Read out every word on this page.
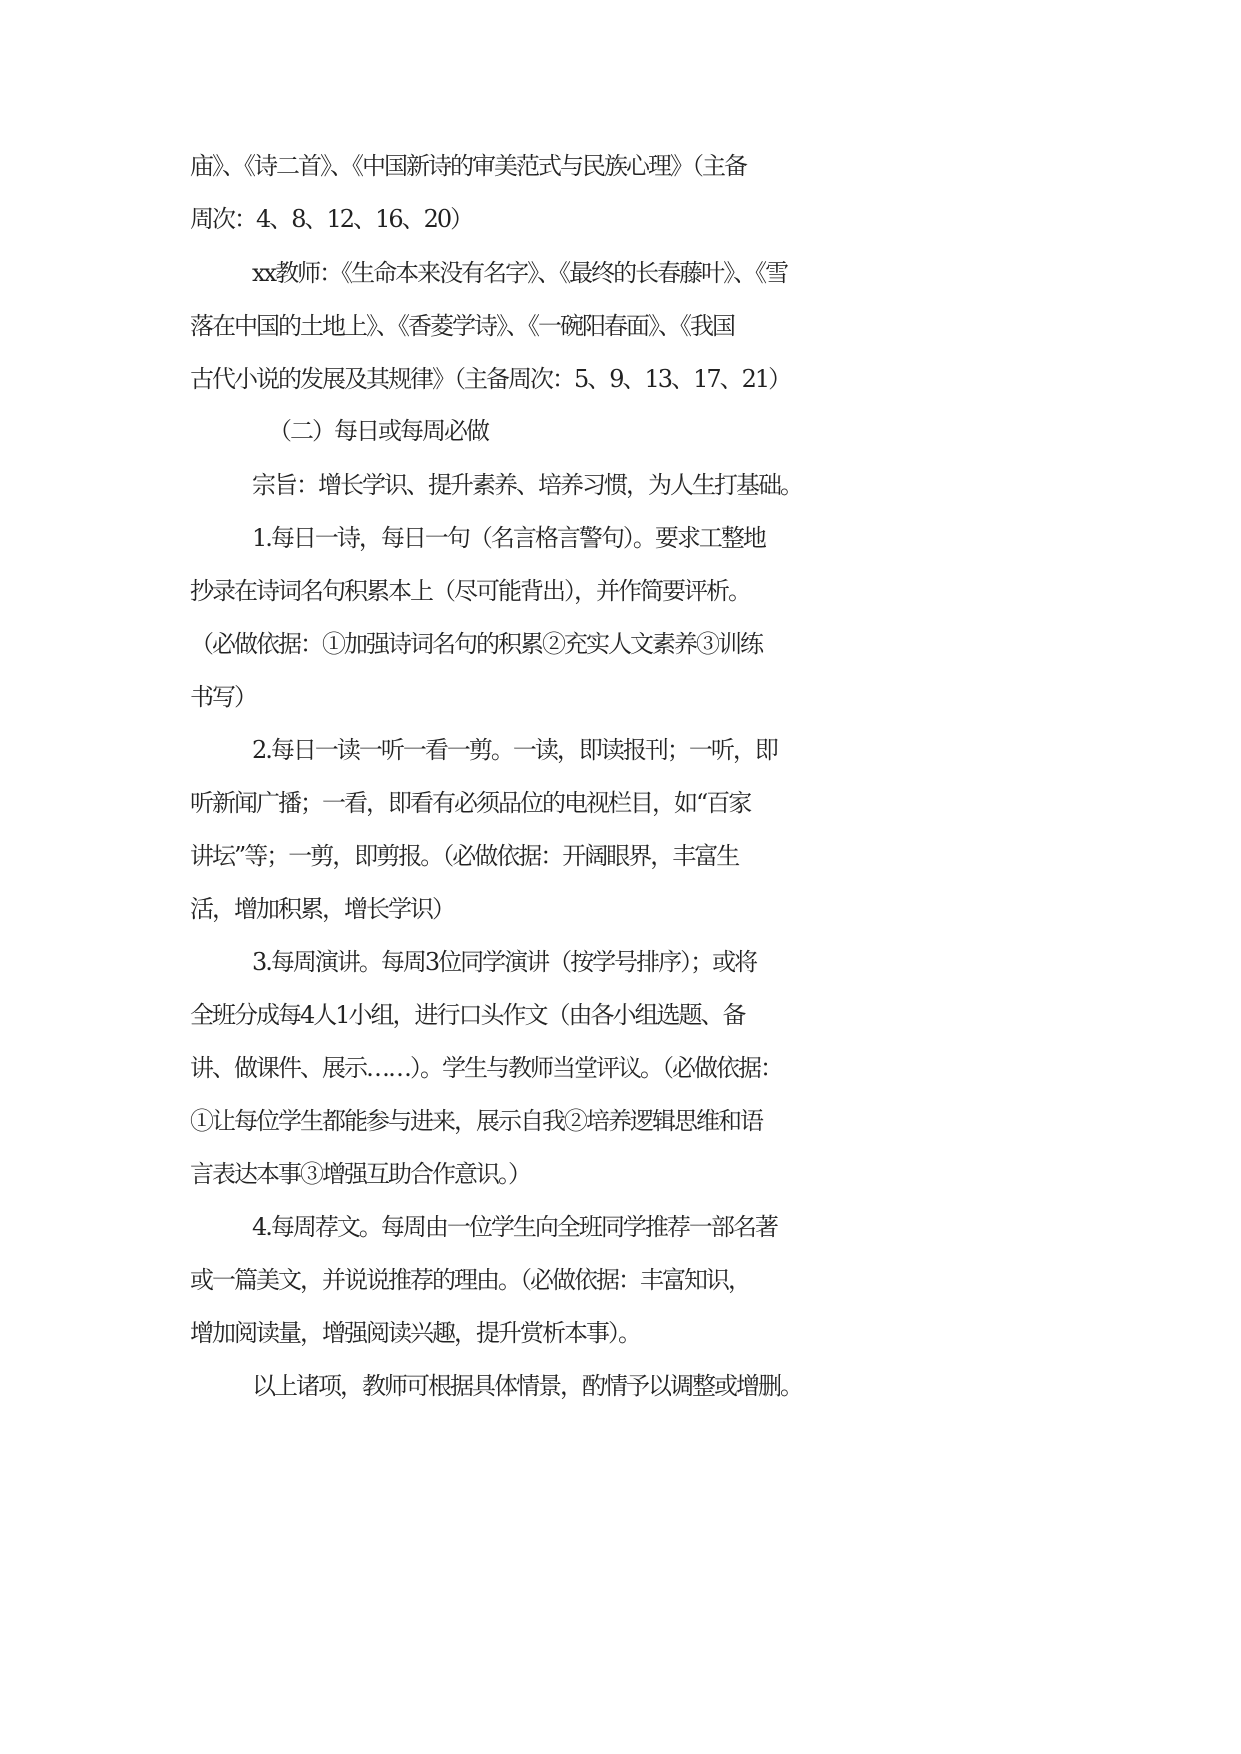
庙》、《诗二首》、《中国新诗的审美范式与民族心理》（主备
周次：4、8、12、16、20）
xx教师：《生命本来没有名字》、《最终的长春藤叶》、《雪
落在中国的土地上》、《香菱学诗》、《一碗阳春面》、《我国
古代小说的发展及其规律》（主备周次：5、9、13、17、21）
（二）每日或每周必做
宗旨：增长学识、提升素养、培养习惯，为人生打基础。
1.每日一诗，每日一句（名言格言警句）。要求工整地
抄录在诗词名句积累本上（尽可能背出），并作简要评析。
（必做依据：①加强诗词名句的积累②充实人文素养③训练
书写）
2.每日一读一听一看一剪。一读，即读报刊；一听，即
听新闻广播；一看，即看有必须品位的电视栏目，如“百家
讲坛”等；一剪，即剪报。（必做依据：开阔眼界，丰富生
活，增加积累，增长学识）
3.每周演讲。每周3位同学演讲（按学号排序）；或将
全班分成每4人1小组，进行口头作文（由各小组选题、备
讲、做课件、展示……）。学生与教师当堂评议。（必做依据：
①让每位学生都能参与进来，展示自我②培养逻辑思维和语
言表达本事③增强互助合作意识。）
4.每周荐文。每周由一位学生向全班同学推荐一部名著
或一篇美文，并说说推荐的理由。（必做依据：丰富知识，
增加阅读量，增强阅读兴趣，提升赏析本事）。
以上诸项，教师可根据具体情景，酌情予以调整或增删。
